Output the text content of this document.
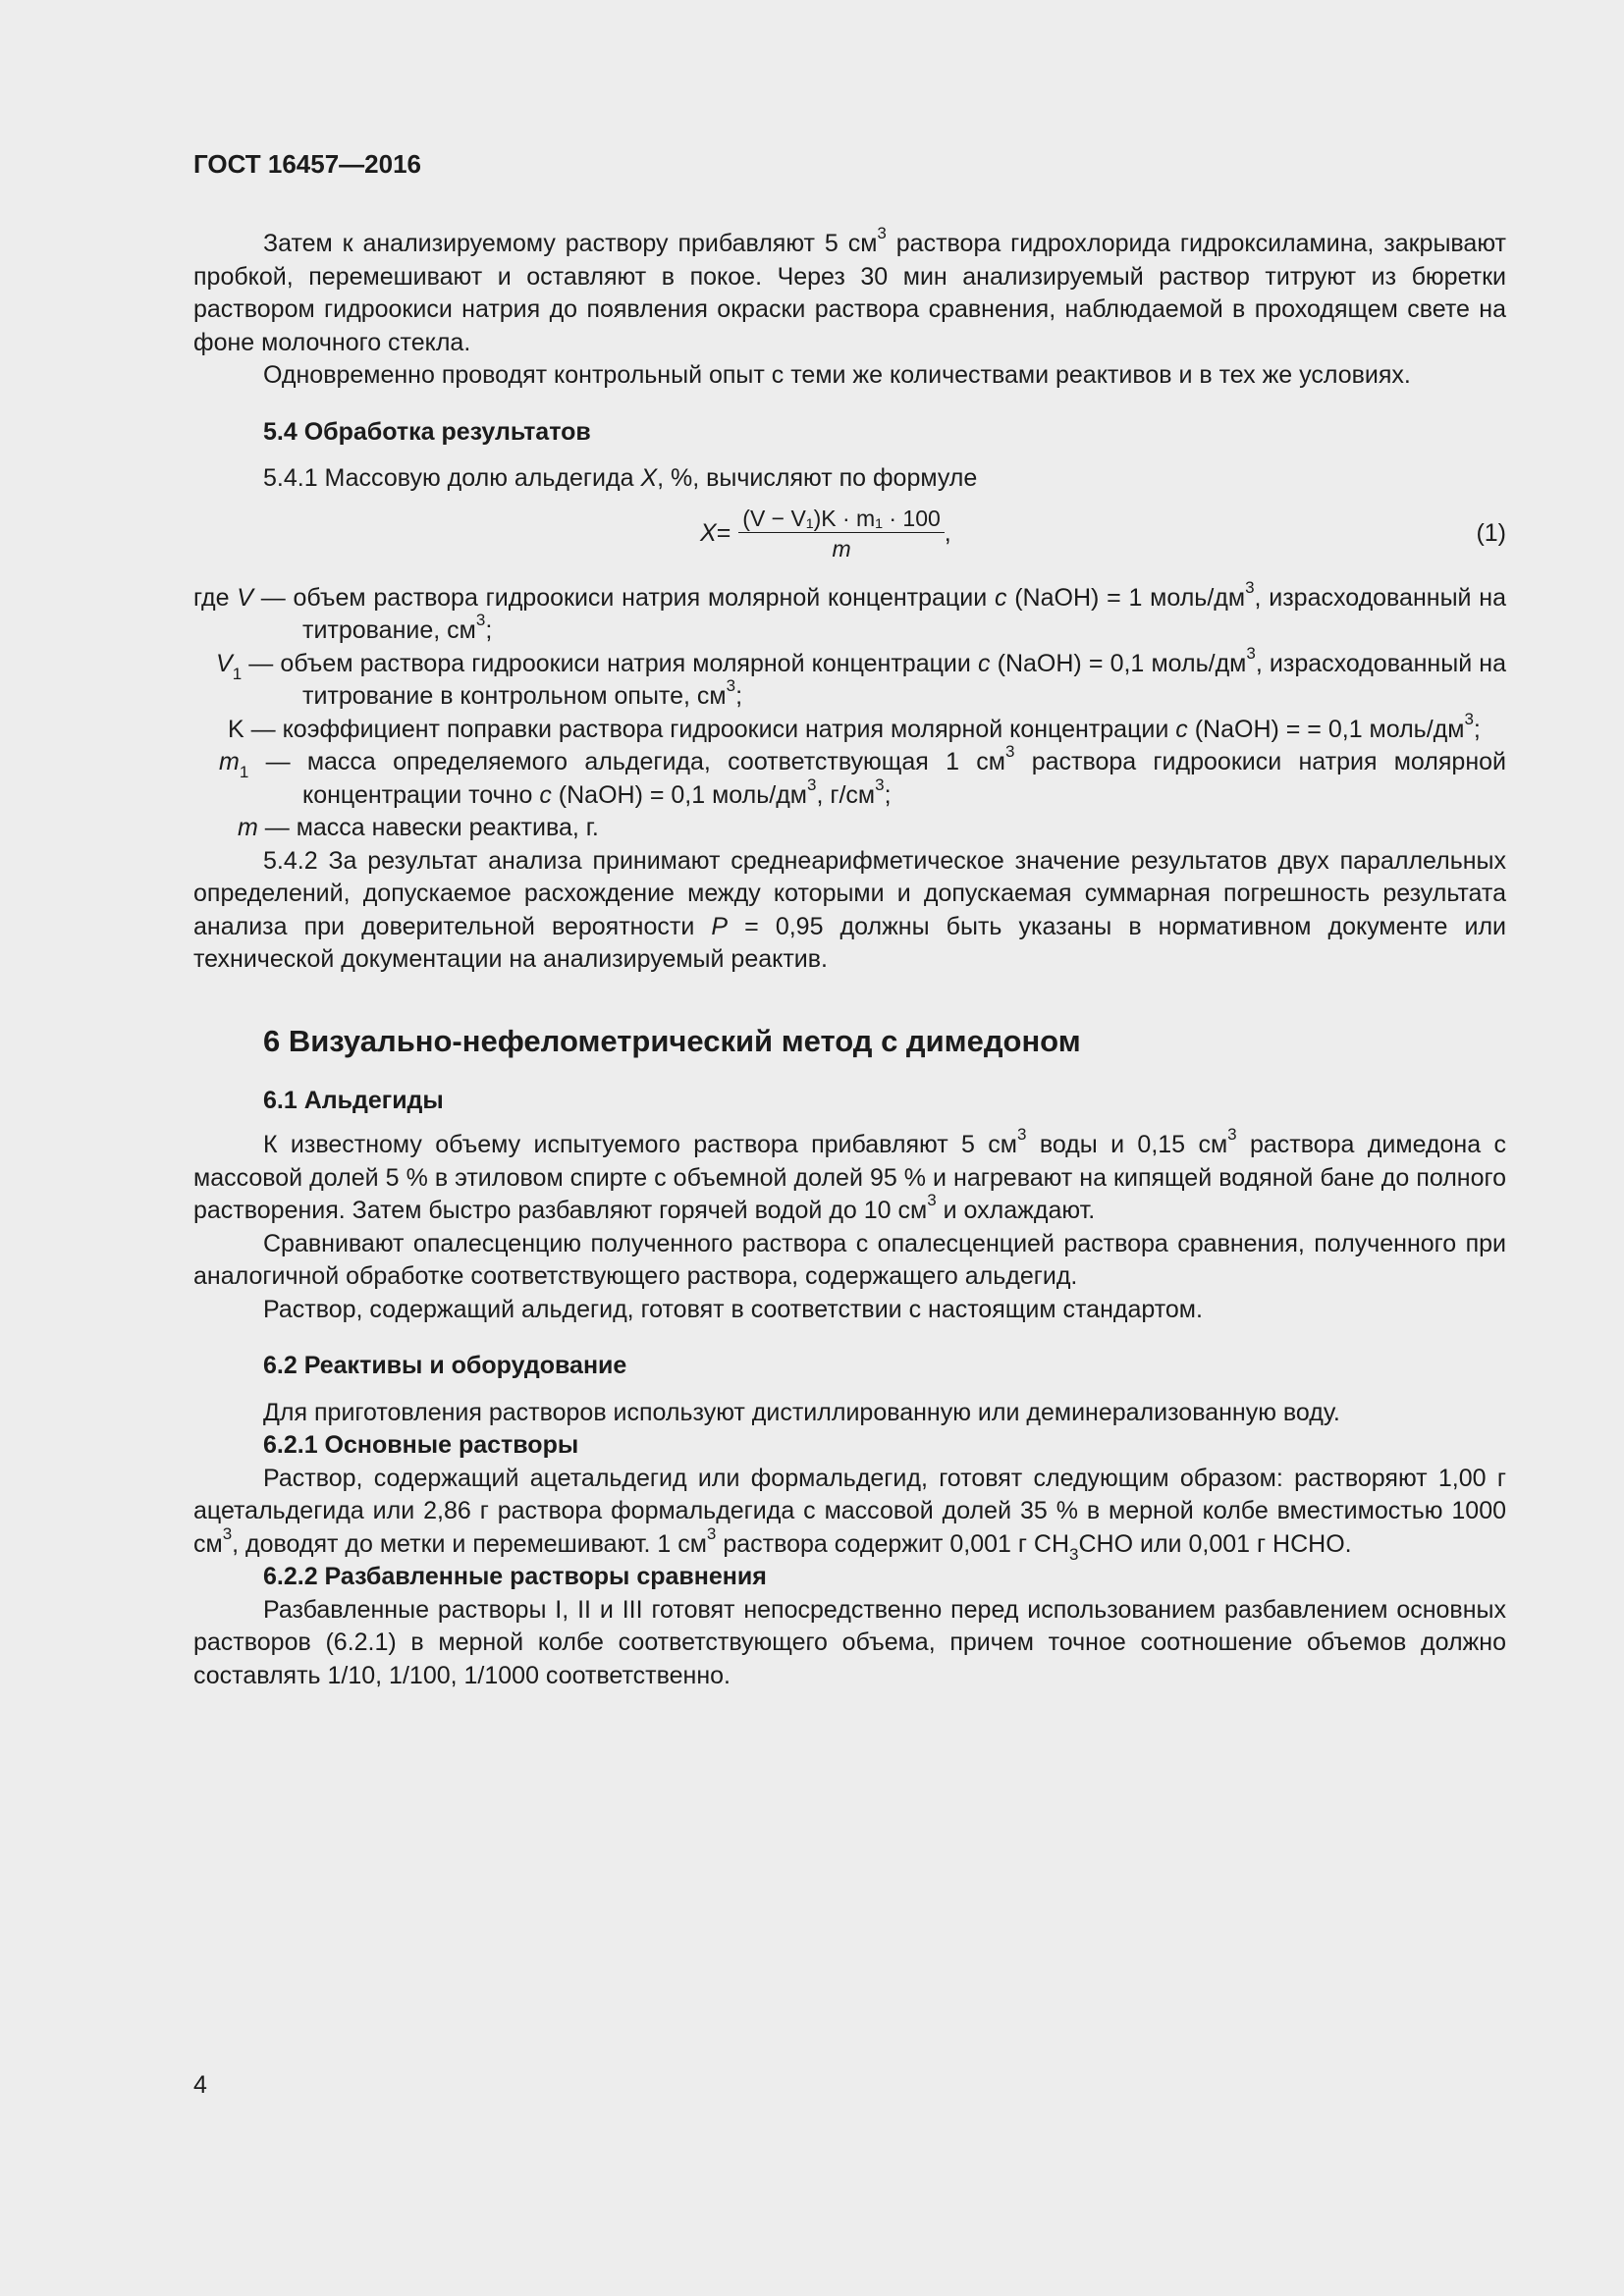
ГОСТ 16457—2016

Затем к анализируемому раствору прибавляют 5 $см^3$ раствора гидрохлорида гидроксиламина, закрывают пробкой, перемешивают и оставляют в покое. Через 30 мин анализируемый раствор титруют из бюретки раствором гидроокиси натрия до появления окраски раствора сравнения, наблюдаемой в проходящем свете на фоне молочного стекла.

Одновременно проводят контрольный опыт с теми же количествами реактивов и в тех же условиях.

5.4 Обработка результатов

5.4.1 Массовую долю альдегида X, %, вычисляют по формуле

$X = \frac{\text{(V − V₁)K · m₁ · 100}}{m}$ ,	(1)

где V — объем раствора гидроокиси натрия молярной концентрации c (NaOH) = 1 моль/$дм^3$, израсходованный на титрование, $см^3$;

$V_1$ — объем раствора гидроокиси натрия молярной концентрации c (NaOH) = 0,1 моль/$дм^3$, израсходованный на титрование в контрольном опыте, $см^3$;

K — коэффициент поправки раствора гидроокиси натрия молярной концентрации c (NaOH) = = 0,1 моль/$дм^3$;

$m_1$ — масса определяемого альдегида, соответствующая 1 $см^3$ раствора гидроокиси натрия молярной концентрации точно c (NaOH) = 0,1 моль/$дм^3$, $г/см^3$;

m — масса навески реактива, г.

5.4.2 За результат анализа принимают среднеарифметическое значение результатов двух параллельных определений, допускаемое расхождение между которыми и допускаемая суммарная погрешность результата анализа при доверительной вероятности P = 0,95 должны быть указаны в нормативном документе или технической документации на анализируемый реактив.

6 Визуально-нефелометрический метод с димедоном

6.1 Альдегиды

К известному объему испытуемого раствора прибавляют 5 $см^3$ воды и 0,15 $см^3$ раствора димедона с массовой долей 5 % в этиловом спирте с объемной долей 95 % и нагревают на кипящей водяной бане до полного растворения. Затем быстро разбавляют горячей водой до 10 $см^3$ и охлаждают.

Сравнивают опалесценцию полученного раствора с опалесценцией раствора сравнения, полученного при аналогичной обработке соответствующего раствора, содержащего альдегид.

Раствор, содержащий альдегид, готовят в соответствии с настоящим стандартом.

6.2 Реактивы и оборудование

Для приготовления растворов используют дистиллированную или деминерализованную воду.

6.2.1 Основные растворы

Раствор, содержащий ацетальдегид или формальдегид, готовят следующим образом: растворяют 1,00 г ацетальдегида или 2,86 г раствора формальдегида с массовой долей 35 % в мерной колбе вместимостью 1000 $см^3$, доводят до метки и перемешивают. 1 $см^3$ раствора содержит 0,001 г $CH_3CHO$ или 0,001 г HCHO.

6.2.2 Разбавленные растворы сравнения

Разбавленные растворы I, II и III готовят непосредственно перед использованием разбавлением основных растворов (6.2.1) в мерной колбе соответствующего объема, причем точное соотношение объемов должно составлять 1/10, 1/100, 1/1000 соответственно.

4
